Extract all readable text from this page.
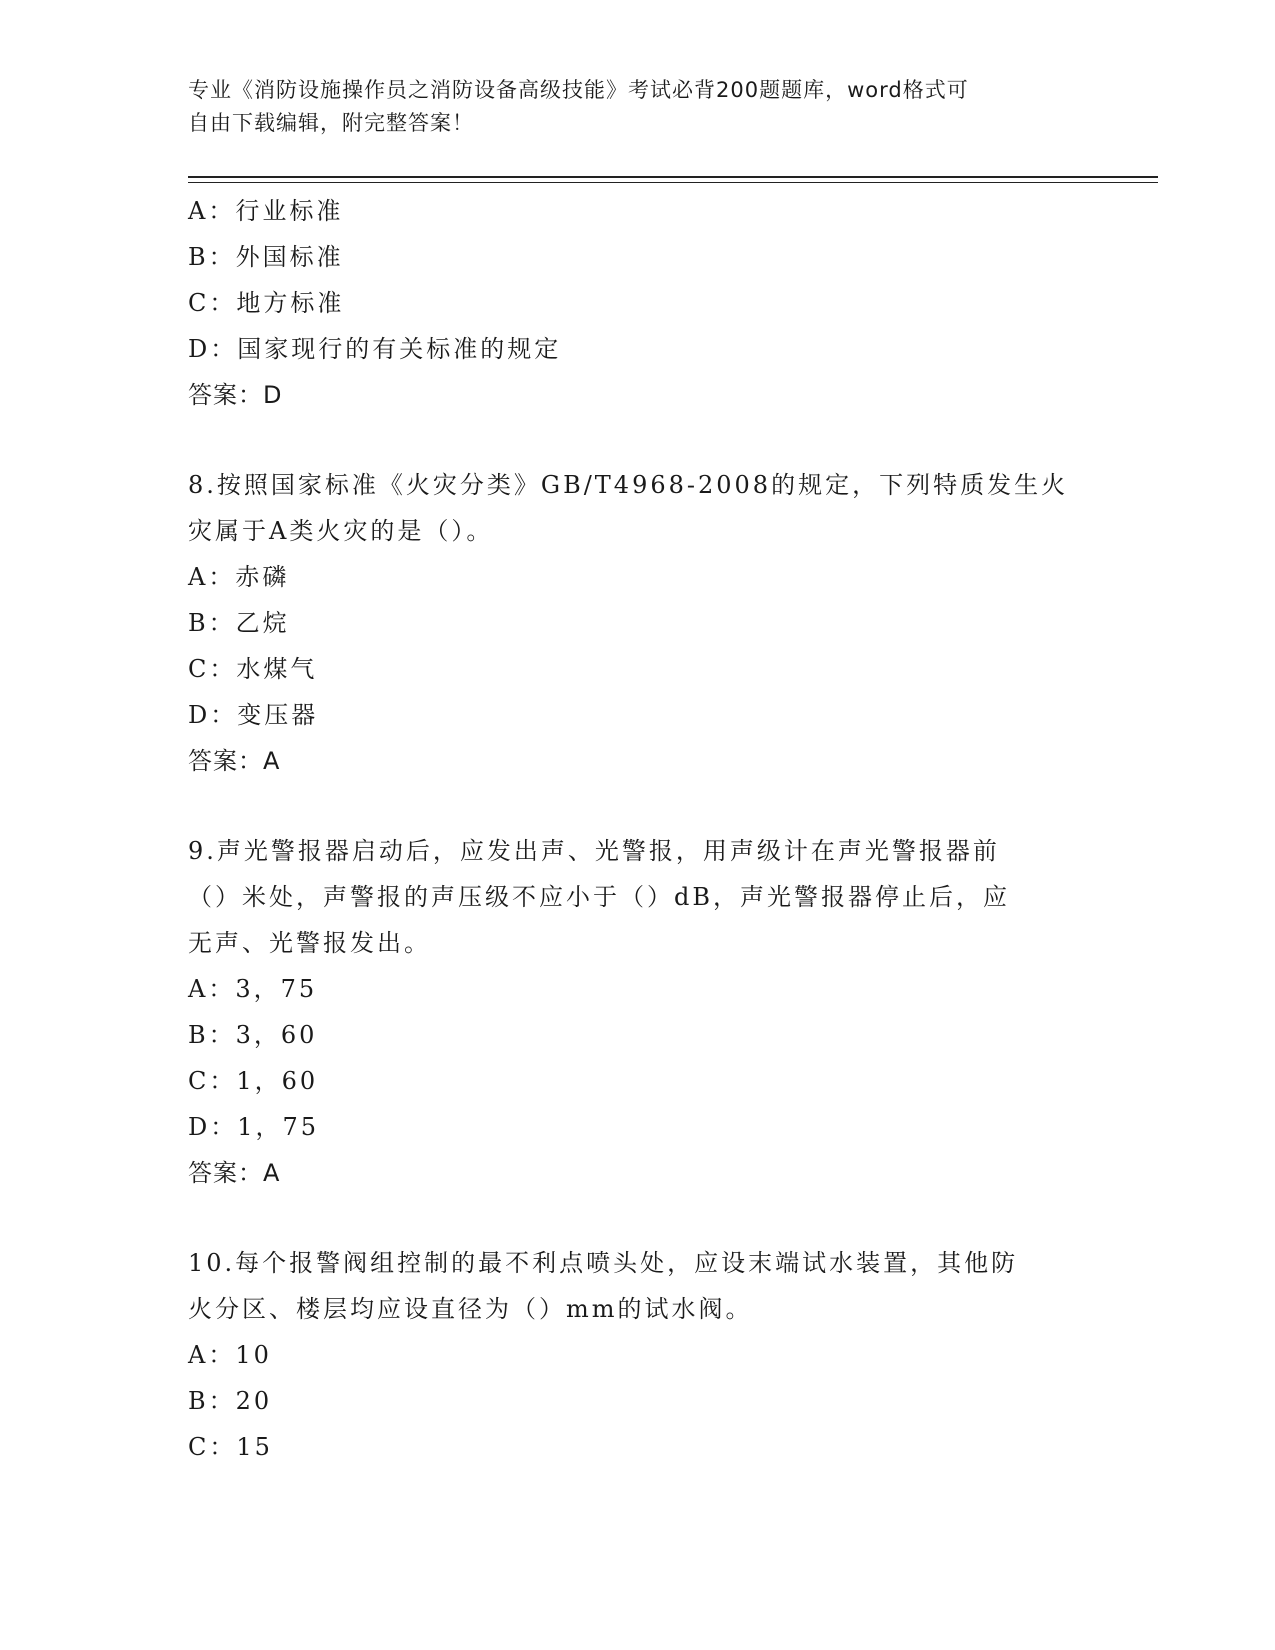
专业《消防设施操作员之消防设备高级技能》考试必背200题题库，word格式可
自由下载编辑，附完整答案！
A：行业标准
B：外国标准
C：地方标准
D：国家现行的有关标准的规定
答案：D
8.按照国家标准《火灾分类》GB/T4968-2008的规定，下列特质发生火
灾属于A类火灾的是（）。
A：赤磷
B：乙烷
C：水煤气
D：变压器
答案：A
9.声光警报器启动后，应发出声、光警报，用声级计在声光警报器前
（）米处，声警报的声压级不应小于（）dB，声光警报器停止后，应
无声、光警报发出。
A：3，75
B：3，60
C：1，60
D：1，75
答案：A
10.每个报警阀组控制的最不利点喷头处，应设末端试水装置，其他防
火分区、楼层均应设直径为（）mm的试水阀。
A：10
B：20
C：15
